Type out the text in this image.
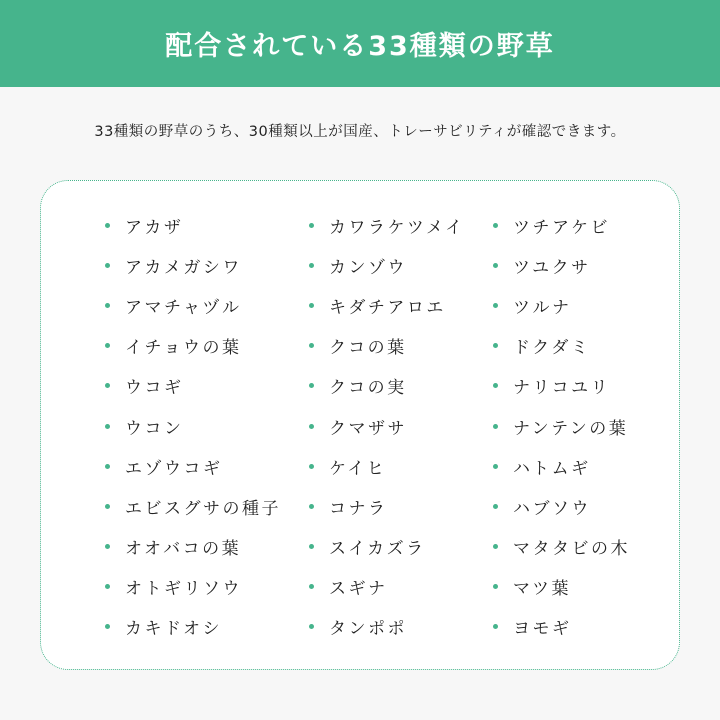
配合されている33種類の野草
33種類の野草のうち、30種類以上が国産、トレーサビリティが確認できます。
アカザ
アカメガシワ
アマチャヅル
イチョウの葉
ウコギ
ウコン
エゾウコギ
エビスグサの種子
オオバコの葉
オトギリソウ
カキドオシ
カワラケツメイ
カンゾウ
キダチアロエ
クコの葉
クコの実
クマザサ
ケイヒ
コナラ
スイカズラ
スギナ
タンポポ
ツチアケビ
ツユクサ
ツルナ
ドクダミ
ナリコユリ
ナンテンの葉
ハトムギ
ハブソウ
マタタビの木
マツ葉
ヨモギ
